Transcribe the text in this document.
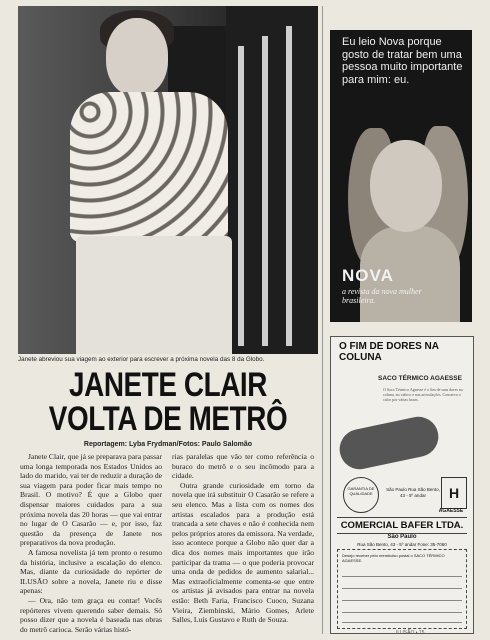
Janete abreviou sua viagem ao exterior para escrever a próxima novela das 8 da Globo.
JANETE CLAIR
VOLTA DE METRÔ
Reportagem: Lyba Frydman/Fotos: Paulo Salomão

Janete Clair, que já se preparava para passar uma longa temporada nos Estados Unidos ao lado do marido, vai ter de reduzir a duração de sua viagem para poder ficar mais tempo no Brasil. O motivo? É que a Globo quer dispensar maiores cuidados para a sua próxima novela das 20 horas — que vai entrar no lugar de O Casarão — e, por isso, faz questão da presença de Janete nos preparativos da nova produção.

A famosa novelista já tem pronto o resumo da história, inclusive a escalação do elenco. Mas, diante da curiosidade do repórter de ILUSÃO sobre a novela, Janete riu e disse apenas:

— Ora, não tem graça eu contar! Vocês repórteres vivem querendo saber demais. Só posso dizer que a novela é baseada nas obras do metrô carioca. Serão várias histó-

rias paralelas que vão ter como referência o buraco do metrô e o seu incômodo para a cidade.

Outra grande curiosidade em torno da novela que irá substituir O Casarão se refere a seu elenco. Mas a lista com os nomes dos artistas escalados para a produção está trancada a sete chaves e não é conhecida nem pelos próprios atores da emissora. Na verdade, isso acontece porque a Globo não quer dar a dica dos nomes mais importantes que irão participar da trama — o que poderia provocar uma onda de pedidos de aumento salarial... Mas extraoficialmente comenta-se que entre os artistas já avisados para entrar na novela estão: Beth Faria, Francisco Cuoco, Suzana Vieira, Ziembinski, Mário Gomes, Arlete Salles, Luís Gustavo e Ruth de Souza.

Eu leio Nova porque gosto de tratar bem uma pessoa muito importante para mim: eu.
NOVA
a revista da nova mulher brasileira.
O FIM DE DORES NA COLUNA
SACO TÉRMICO AGAESSE
O Saco Térmico Agaesse é o fim de suas dores na coluna, no ciático e nas articulações. Conserva o calor por várias horas.
GARANTIA DE QUALIDADE
São Paulo Rua São Bento, 43 - 5º andar	H
AGAESSE
COMERCIAL BAFER LTDA.
São Paulo
Rua São Bento, 43 - 5º andar Fone: 35-7060
Desejo receber pelo reembolso postal o SACO TÉRMICO AGAESSE.
ILUSÃO • 15
